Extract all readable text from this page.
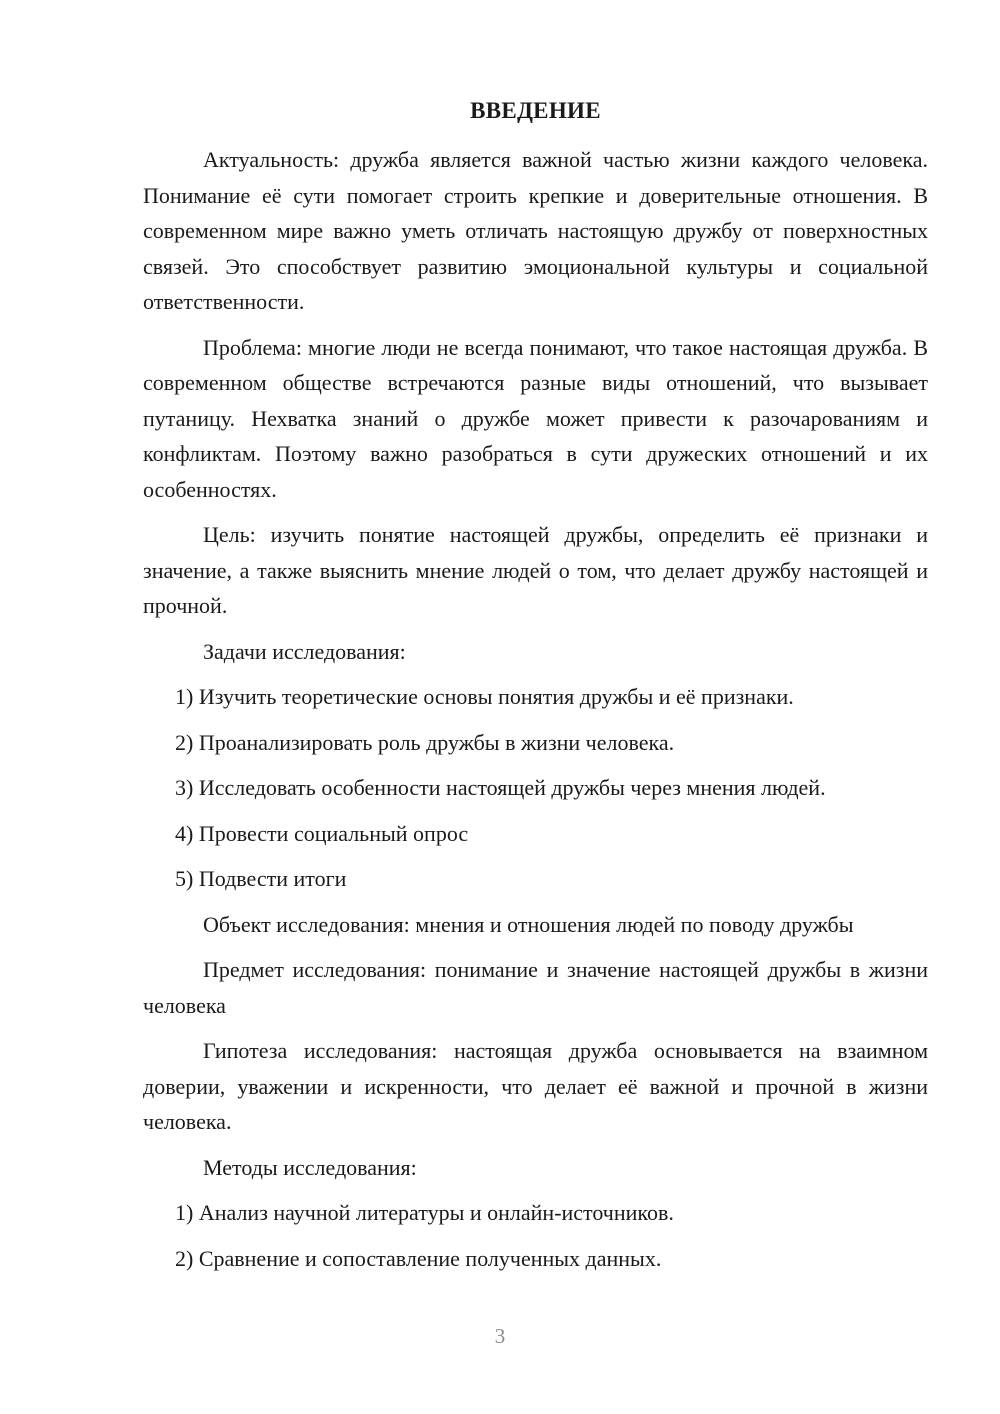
ВВЕДЕНИЕ

Актуальность: дружба является важной частью жизни каждого человека. Понимание её сути помогает строить крепкие и доверительные отношения. В современном мире важно уметь отличать настоящую дружбу от поверхностных связей. Это способствует развитию эмоциональной культуры и социальной ответственности.

Проблема: многие люди не всегда понимают, что такое настоящая дружба. В современном обществе встречаются разные виды отношений, что вызывает путаницу. Нехватка знаний о дружбе может привести к разочарованиям и конфликтам. Поэтому важно разобраться в сути дружеских отношений и их особенностях.

Цель: изучить понятие настоящей дружбы, определить её признаки и значение, а также выяснить мнение людей о том, что делает дружбу настоящей и прочной.

Задачи исследования:

1) Изучить теоретические основы понятия дружбы и её признаки.
2) Проанализировать роль дружбы в жизни человека.
3) Исследовать особенности настоящей дружбы через мнения людей.
4) Провести социальный опрос
5) Подвести итоги

Объект исследования: мнения и отношения людей по поводу дружбы

Предмет исследования: понимание и значение настоящей дружбы в жизни человека

Гипотеза исследования: настоящая дружба основывается на взаимном доверии, уважении и искренности, что делает её важной и прочной в жизни человека.

Методы исследования:

1) Анализ научной литературы и онлайн-источников.
2) Сравнение и сопоставление полученных данных.
3
